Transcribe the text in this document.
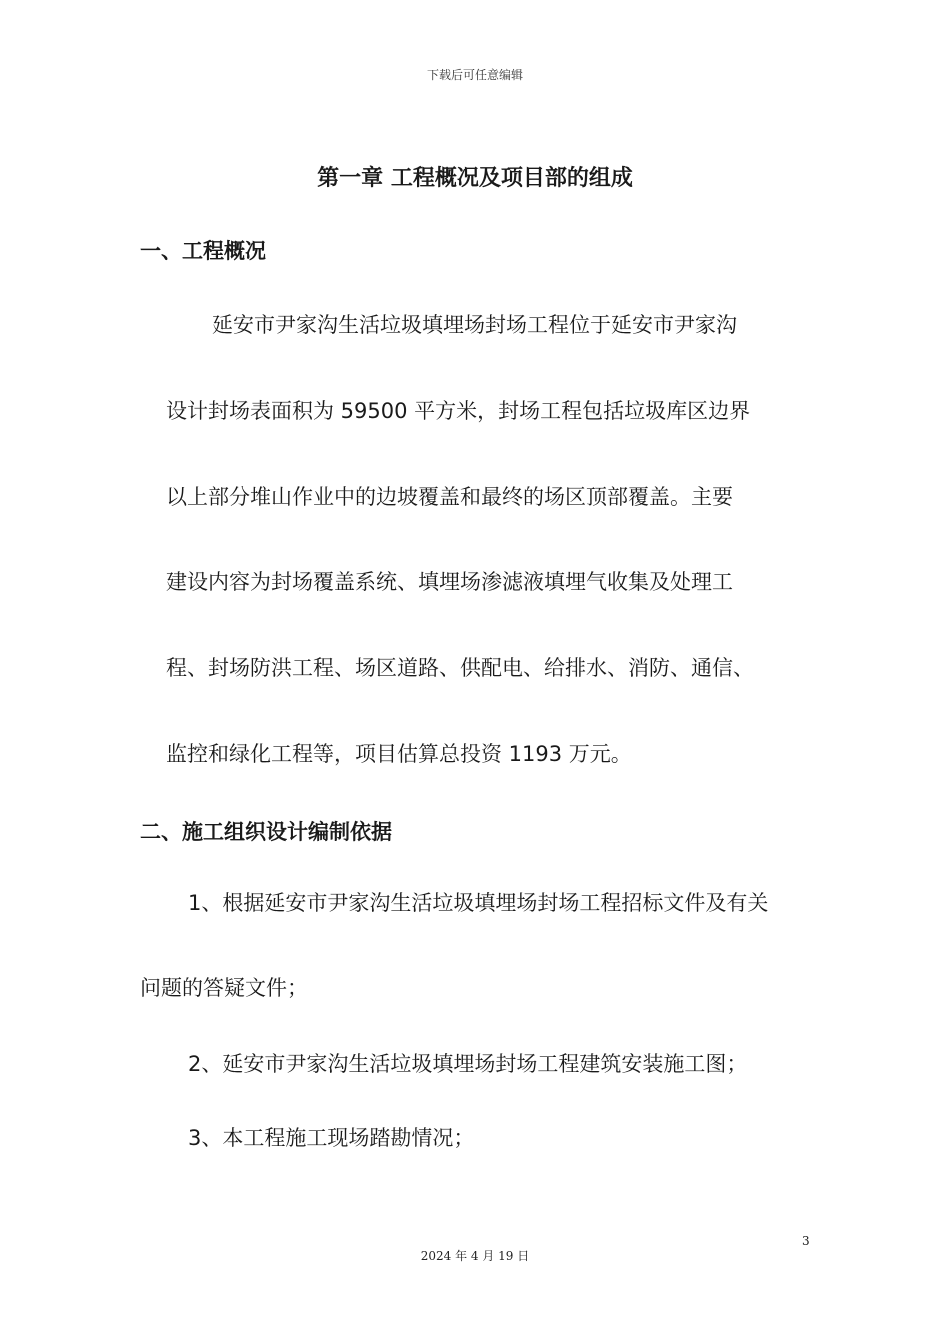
下载后可任意编辑
第一章 工程概况及项目部的组成
一、工程概况
延安市尹家沟生活垃圾填埋场封场工程位于延安市尹家沟
设计封场表面积为 59500 平方米，封场工程包括垃圾库区边界
以上部分堆山作业中的边坡覆盖和最终的场区顶部覆盖。主要
建设内容为封场覆盖系统、填埋场渗滤液填埋气收集及处理工
程、封场防洪工程、场区道路、供配电、给排水、消防、通信、
监控和绿化工程等，项目估算总投资 1193 万元。
二、施工组织设计编制依据
1、根据延安市尹家沟生活垃圾填埋场封场工程招标文件及有关
问题的答疑文件；
2、延安市尹家沟生活垃圾填埋场封场工程建筑安装施工图；
3、本工程施工现场踏勘情况；
3
2024 年 4 月 19 日
